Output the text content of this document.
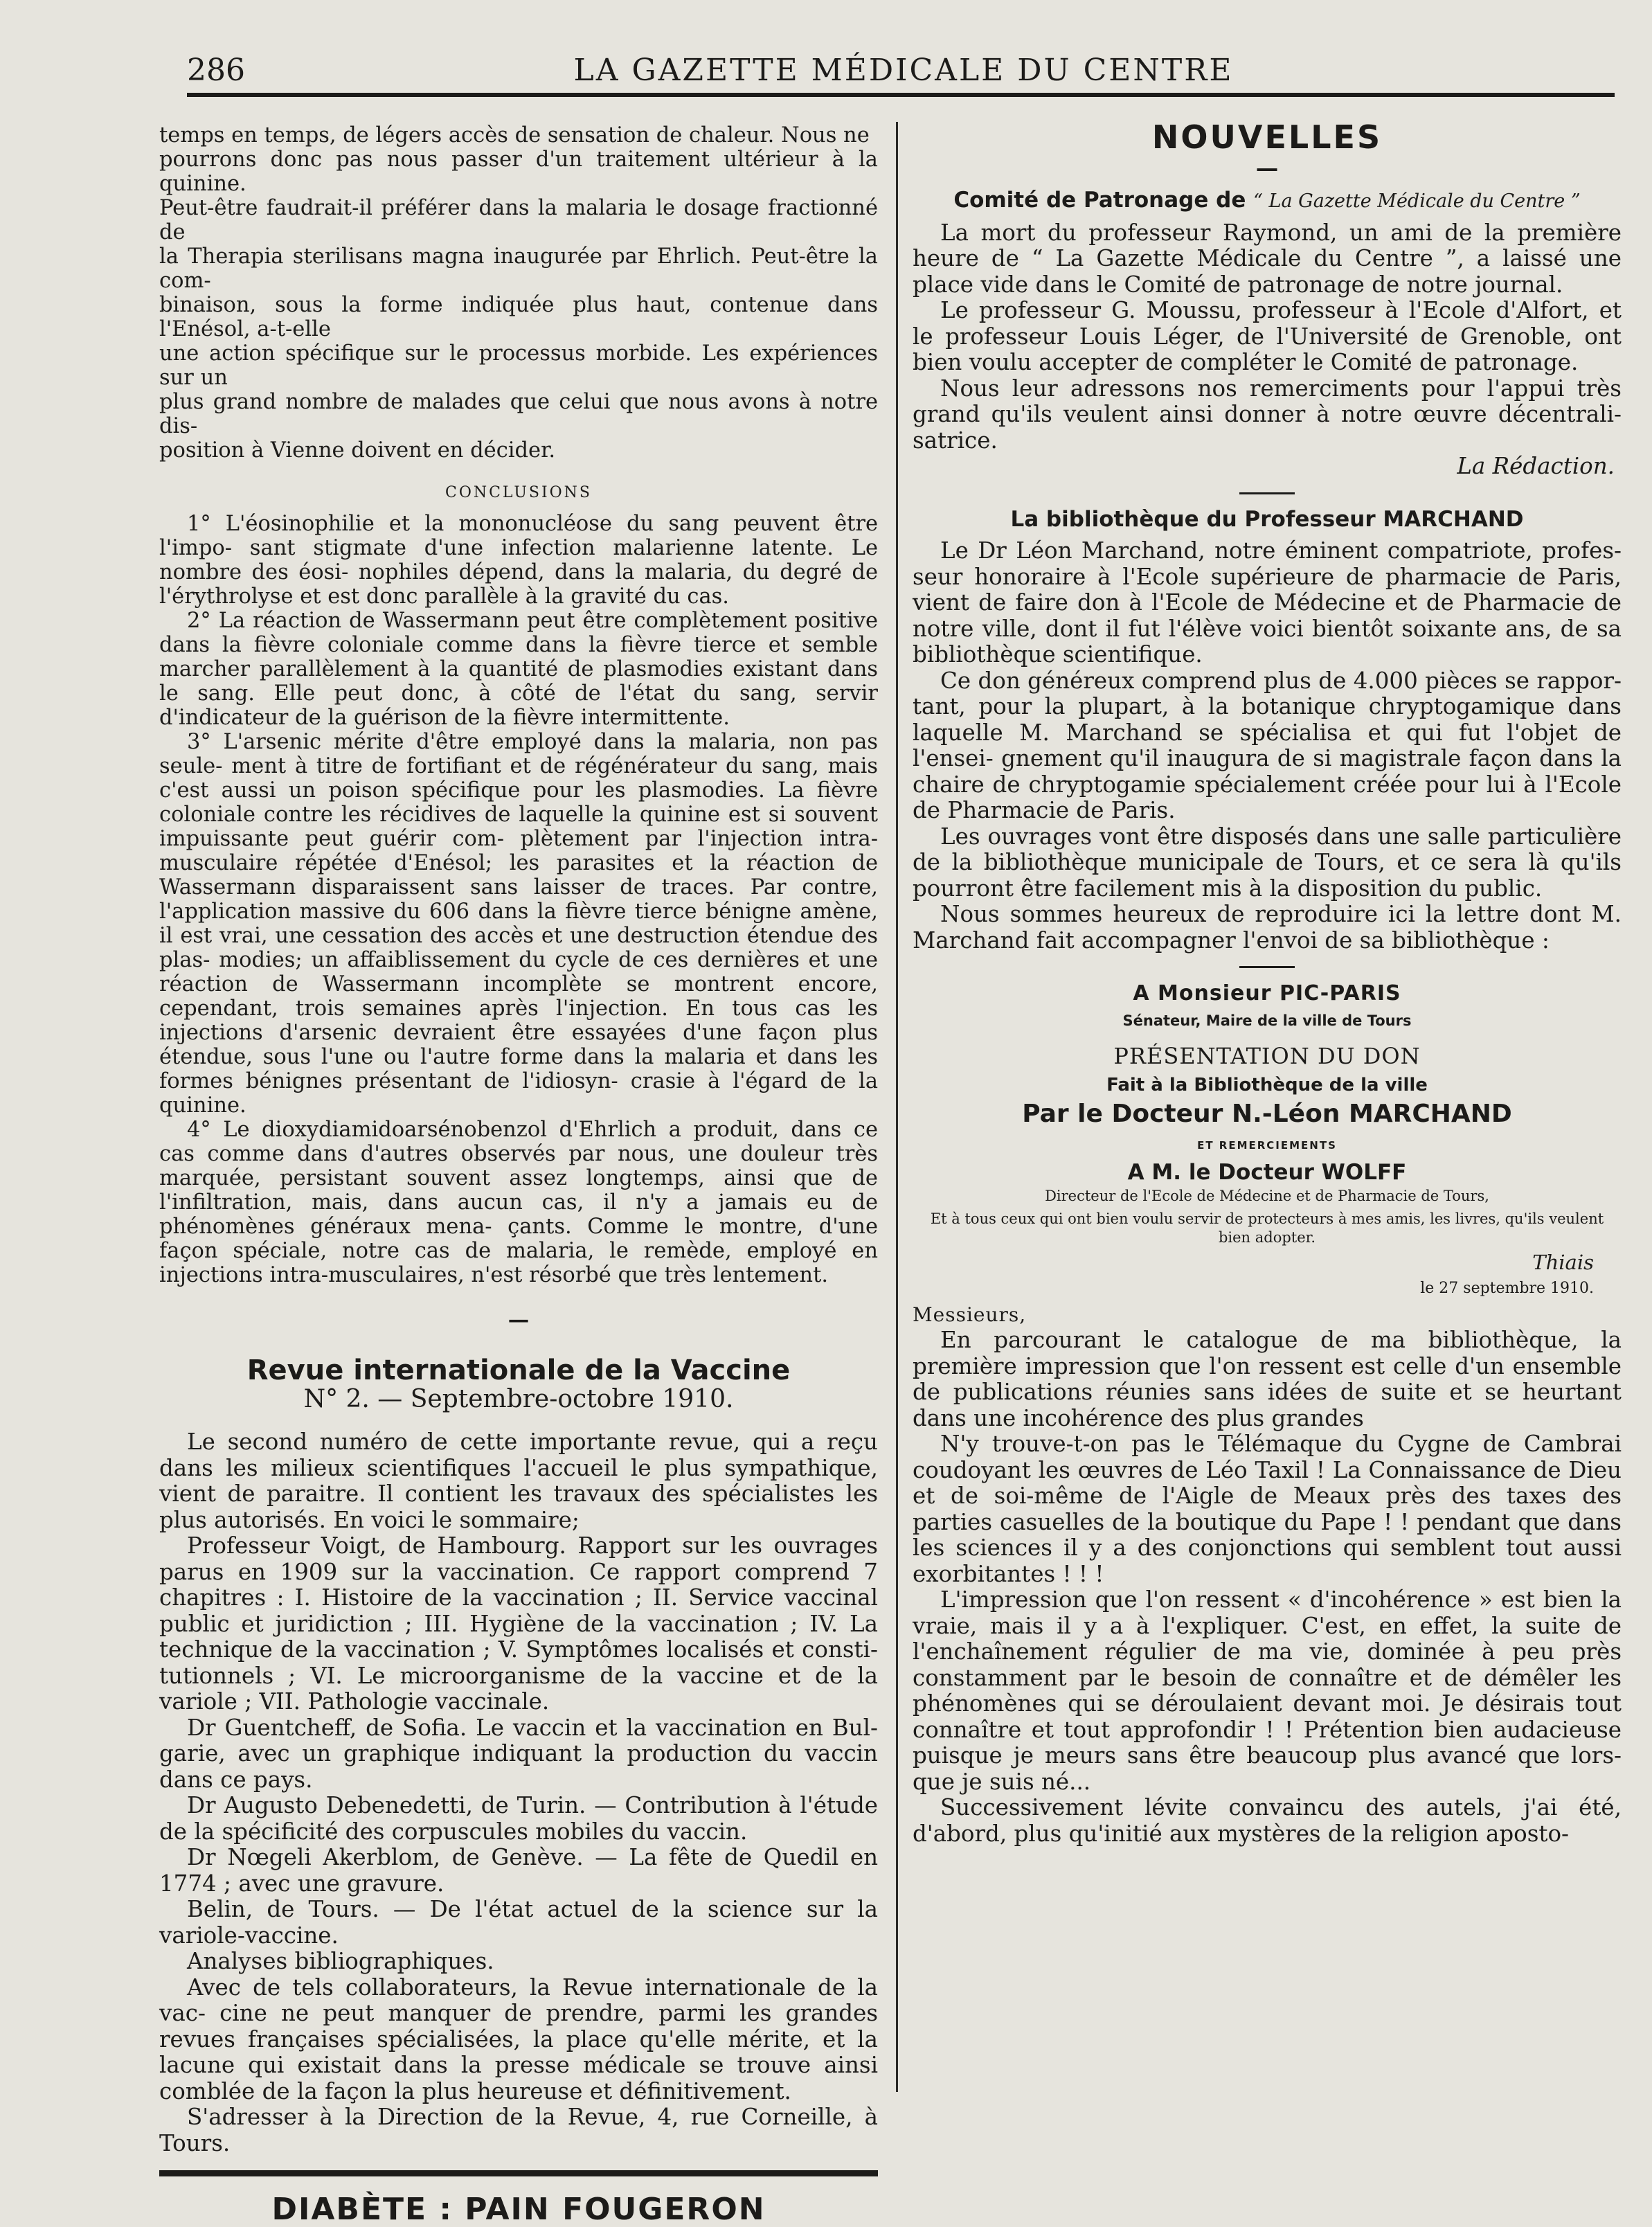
286	LA GAZETTE MÉDICALE DU CENTRE

temps en temps, de légers accès de sensation de chaleur. Nous ne

pourrons donc pas nous passer d'un traitement ultérieur à la quinine.

Peut-être faudrait-il préférer dans la malaria le dosage fractionné de

la Therapia sterilisans magna inaugurée par Ehrlich. Peut-être la com-

binaison, sous la forme indiquée plus haut, contenue dans l'Enésol, a-t-elle

une action spécifique sur le processus morbide. Les expériences sur un

plus grand nombre de malades que celui que nous avons à notre dis-

position à Vienne doivent en décider.

CONCLUSIONS

1° L'éosinophilie et la mononucléose du sang peuvent être l'impo- sant stigmate d'une infection malarienne latente. Le nombre des éosi- nophiles dépend, dans la malaria, du degré de l'érythrolyse et est donc parallèle à la gravité du cas.

2° La réaction de Wassermann peut être complètement positive dans la fièvre coloniale comme dans la fièvre tierce et semble marcher parallèlement à la quantité de plasmodies existant dans le sang. Elle peut donc, à côté de l'état du sang, servir d'indicateur de la guérison de la fièvre intermittente.

3° L'arsenic mérite d'être employé dans la malaria, non pas seule- ment à titre de fortifiant et de régénérateur du sang, mais c'est aussi un poison spécifique pour les plasmodies. La fièvre coloniale contre les récidives de laquelle la quinine est si souvent impuissante peut guérir com- plètement par l'injection intra-musculaire répétée d'Enésol; les parasites et la réaction de Wassermann disparaissent sans laisser de traces. Par contre, l'application massive du 606 dans la fièvre tierce bénigne amène, il est vrai, une cessation des accès et une destruction étendue des plas- modies; un affaiblissement du cycle de ces dernières et une réaction de Wassermann incomplète se montrent encore, cependant, trois semaines après l'injection. En tous cas les injections d'arsenic devraient être essayées d'une façon plus étendue, sous l'une ou l'autre forme dans la malaria et dans les formes bénignes présentant de l'idiosyn- crasie à l'égard de la quinine.

4° Le dioxydiamidoarsénobenzol d'Ehrlich a produit, dans ce cas comme dans d'autres observés par nous, une douleur très marquée, persistant souvent assez longtemps, ainsi que de l'infiltration, mais, dans aucun cas, il n'y a jamais eu de phénomènes généraux mena- çants. Comme le montre, d'une façon spéciale, notre cas de malaria, le remède, employé en injections intra-musculaires, n'est résorbé que très lentement.

—
Revue internationale de la Vaccine
N° 2. — Septembre-octobre 1910.

Le second numéro de cette importante revue, qui a reçu dans les milieux scientifiques l'accueil le plus sympathique, vient de paraitre. Il contient les travaux des spécialistes les plus autorisés. En voici le sommaire;

Professeur Voigt, de Hambourg. Rapport sur les ouvrages parus en 1909 sur la vaccination. Ce rapport comprend 7 chapitres : I. Histoire de la vaccination ; II. Service vaccinal public et juridiction ; III. Hygiène de la vaccination ; IV. La technique de la vaccination ; V. Symptômes localisés et consti- tutionnels ; VI. Le microorganisme de la vaccine et de la variole ; VII. Pathologie vaccinale.

Dr Guentcheff, de Sofia. Le vaccin et la vaccination en Bul- garie, avec un graphique indiquant la production du vaccin dans ce pays.

Dr Augusto Debenedetti, de Turin. — Contribution à l'étude de la spécificité des corpuscules mobiles du vaccin.

Dr Nœgeli Akerblom, de Genève. — La fête de Quedil en 1774 ; avec une gravure.

Belin, de Tours. — De l'état actuel de la science sur la variole-vaccine.

Analyses bibliographiques.

Avec de tels collaborateurs, la Revue internationale de la vac- cine ne peut manquer de prendre, parmi les grandes revues françaises spécialisées, la place qu'elle mérite, et la lacune qui existait dans la presse médicale se trouve ainsi comblée de la façon la plus heureuse et définitivement.

S'adresser à la Direction de la Revue, 4, rue Corneille, à Tours.

DIABÈTE : PAIN FOUGERON
NOUVELLES
—
Comité de Patronage de “ La Gazette Médicale du Centre ”

La mort du professeur Raymond, un ami de la première heure de “ La Gazette Médicale du Centre ”, a laissé une place vide dans le Comité de patronage de notre journal.

Le professeur G. Moussu, professeur à l'Ecole d'Alfort, et le professeur Louis Léger, de l'Université de Grenoble, ont bien voulu accepter de compléter le Comité de patronage.

Nous leur adressons nos remerciments pour l'appui très grand qu'ils veulent ainsi donner à notre œuvre décentrali- satrice.

La Rédaction.
La bibliothèque du Professeur MARCHAND

Le Dr Léon Marchand, notre éminent compatriote, profes- seur honoraire à l'Ecole supérieure de pharmacie de Paris, vient de faire don à l'Ecole de Médecine et de Pharmacie de notre ville, dont il fut l'élève voici bientôt soixante ans, de sa bibliothèque scientifique.

Ce don généreux comprend plus de 4.000 pièces se rappor- tant, pour la plupart, à la botanique chryptogamique dans laquelle M. Marchand se spécialisa et qui fut l'objet de l'ensei- gnement qu'il inaugura de si magistrale façon dans la chaire de chryptogamie spécialement créée pour lui à l'Ecole de Pharmacie de Paris.

Les ouvrages vont être disposés dans une salle particulière de la bibliothèque municipale de Tours, et ce sera là qu'ils pourront être facilement mis à la disposition du public.

Nous sommes heureux de reproduire ici la lettre dont M. Marchand fait accompagner l'envoi de sa bibliothèque :

A Monsieur PIC-PARIS
Sénateur, Maire de la ville de Tours
PRÉSENTATION DU DON
Fait à la Bibliothèque de la ville
Par le Docteur N.-Léon MARCHAND
ET REMERCIEMENTS
A M. le Docteur WOLFF
Directeur de l'Ecole de Médecine et de Pharmacie de Tours,
Et à tous ceux qui ont bien voulu servir de protecteurs à mes amis, les livres, qu'ils veulent bien adopter.
Thiais
le 27 septembre 1910.

Messieurs,

En parcourant le catalogue de ma bibliothèque, la première impression que l'on ressent est celle d'un ensemble de publications réunies sans idées de suite et se heurtant dans une incohérence des plus grandes

N'y trouve-t-on pas le Télémaque du Cygne de Cambrai coudoyant les œuvres de Léo Taxil ! La Connaissance de Dieu et de soi-même de l'Aigle de Meaux près des taxes des parties casuelles de la boutique du Pape ! ! pendant que dans les sciences il y a des conjonctions qui semblent tout aussi exorbitantes ! ! !

L'impression que l'on ressent « d'incohérence » est bien la vraie, mais il y a à l'expliquer. C'est, en effet, la suite de l'enchaînement régulier de ma vie, dominée à peu près constamment par le besoin de connaître et de démêler les phénomènes qui se déroulaient devant moi. Je désirais tout connaître et tout approfondir ! ! Prétention bien audacieuse puisque je meurs sans être beaucoup plus avancé que lors- que je suis né...

Successivement lévite convaincu des autels, j'ai été, d'abord, plus qu'initié aux mystères de la religion aposto-
